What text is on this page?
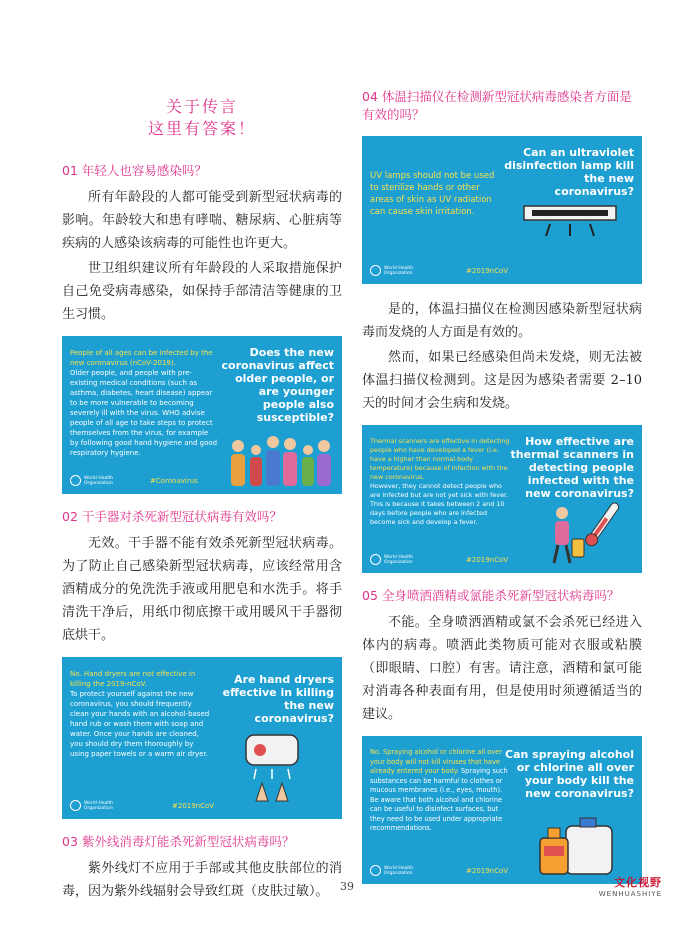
关于传言
这里有答案！
01 年轻人也容易感染吗？
所有年龄段的人都可能受到新型冠状病毒的影响。年龄较大和患有哮喘、糖尿病、心脏病等疾病的人感染该病毒的可能性也许更大。
世卫组织建议所有年龄段的人采取措施保护自己免受病毒感染，如保持手部清洁等健康的卫生习惯。
People of all ages can be infected by the new coronavirus (nCoV-2019).
Older people, and people with pre-existing medical conditions (such as asthma, diabetes, heart disease) appear to be more vulnerable to becoming severely ill with the virus. WHO advise people of all age to take steps to protect themselves from the virus, for example by following good hand hygiene and good respiratory hygiene.
Does the new coronavirus affect older people, or are younger people also susceptible?
World Health Organization	#Coronavirus
02 干手器对杀死新型冠状病毒有效吗？
无效。干手器不能有效杀死新型冠状病毒。为了防止自己感染新型冠状病毒，应该经常用含酒精成分的免洗洗手液或用肥皂和水洗手。将手清洗干净后，用纸巾彻底擦干或用暖风干手器彻底烘干。
No. Hand dryers are not effective in killing the 2019-nCoV.
To protect yourself against the new coronavirus, you should frequently clean your hands with an alcohol-based hand rub or wash them with soap and water. Once your hands are cleaned, you should dry them thoroughly by using paper towels or a warm air dryer.
Are hand dryers effective in killing the new coronavirus?
World Health Organization	#2019nCoV
03 紫外线消毒灯能杀死新型冠状病毒吗？
紫外线灯不应用于手部或其他皮肤部位的消毒，因为紫外线辐射会导致红斑（皮肤过敏）。
04 体温扫描仪在检测新型冠状病毒感染者方面是有效的吗？
UV lamps should not be used to sterilize hands or other areas of skin as UV radiation can cause skin irritation.
Can an ultraviolet disinfection lamp kill the new coronavirus?
World Health Organization	#2019nCoV
是的，体温扫描仪在检测因感染新型冠状病毒而发烧的人方面是有效的。
然而，如果已经感染但尚未发烧，则无法被体温扫描仪检测到。这是因为感染者需要 2–10 天的时间才会生病和发烧。
Thermal scanners are effective in detecting people who have developed a fever (i.e. have a higher than normal body temperature) because of infection with the new coronavirus.
However, they cannot detect people who are infected but are not yet sick with fever. This is because it takes between 2 and 10 days before people who are infected become sick and develop a fever.
How effective are thermal scanners in detecting people infected with the new coronavirus?
World Health Organization	#2019nCoV
05 全身喷洒酒精或氯能杀死新型冠状病毒吗？
不能。全身喷洒酒精或氯不会杀死已经进入体内的病毒。喷洒此类物质可能对衣服或粘膜（即眼睛、口腔）有害。请注意，酒精和氯可能对消毒各种表面有用，但是使用时须遵循适当的建议。
No. Spraying alcohol or chlorine all over your body will not kill viruses that have already entered your body. Spraying such substances can be harmful to clothes or mucous membranes (i.e., eyes, mouth). Be aware that both alcohol and chlorine can be useful to disinfect surfaces, but they need to be used under appropriate recommendations.
Can spraying alcohol or chlorine all over your body kill the new coronavirus?
World Health Organization	#2019nCoV
39	文化视野
WENHUASHIYE
